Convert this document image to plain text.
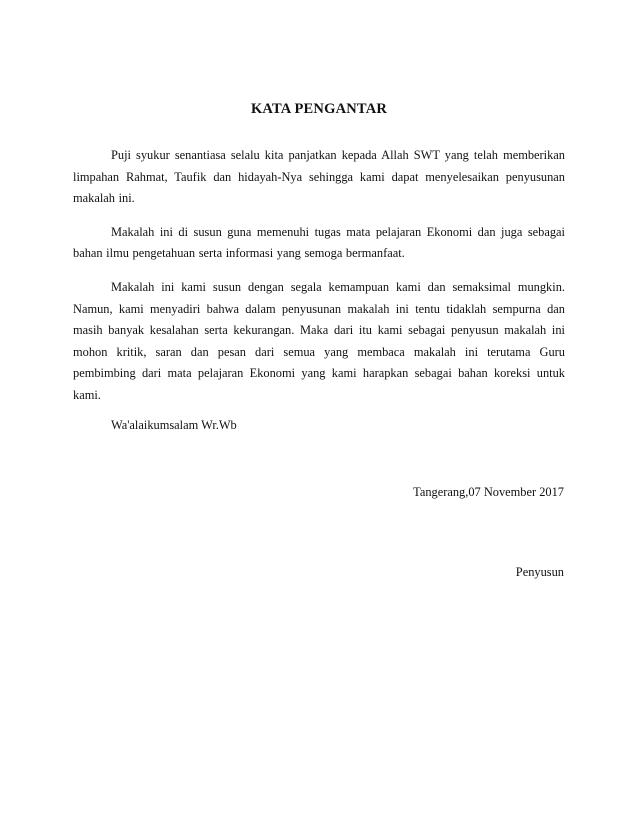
KATA PENGANTAR

Puji syukur senantiasa selalu kita panjatkan kepada Allah SWT yang telah memberikan limpahan Rahmat, Taufik dan hidayah-Nya sehingga kami dapat menyelesaikan penyusunan makalah ini.

Makalah ini di susun guna memenuhi tugas mata pelajaran Ekonomi dan juga sebagai bahan ilmu pengetahuan serta informasi yang semoga bermanfaat.

Makalah ini kami susun dengan segala kemampuan kami dan semaksimal mungkin. Namun, kami menyadiri bahwa dalam penyusunan makalah ini tentu tidaklah sempurna dan masih banyak kesalahan serta kekurangan. Maka dari itu kami sebagai penyusun makalah ini mohon kritik, saran dan pesan dari semua yang membaca makalah ini terutama Guru pembimbing dari mata pelajaran Ekonomi yang kami harapkan sebagai bahan koreksi untuk kami.

Wa'alaikumsalam Wr.Wb

Tangerang,07 November 2017
Penyusun
